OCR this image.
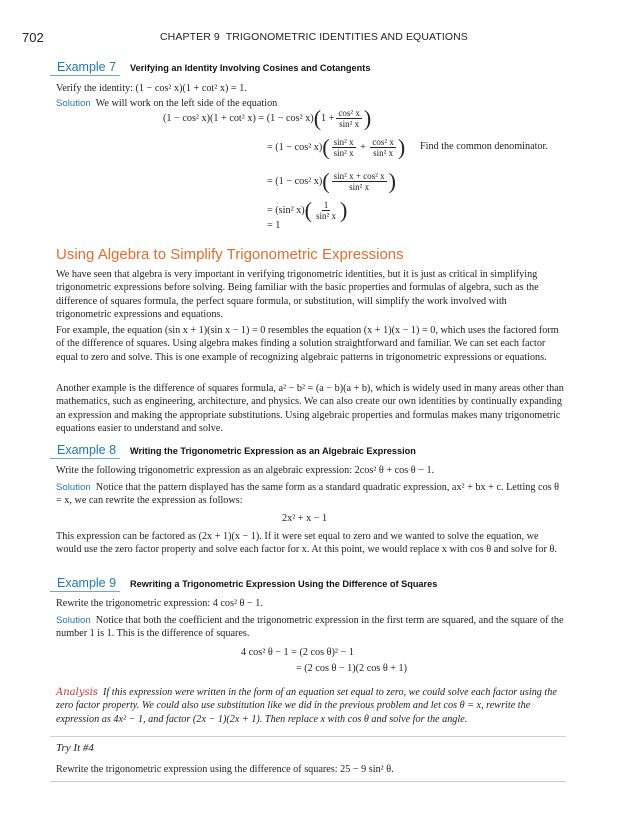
702	CHAPTER 9 TRIGONOMETRIC IDENTITIES AND EQUATIONS
Example 7 Verifying an Identity Involving Cosines and Cotangents
Verify the identity: (1 − cos² x)(1 + cot² x) = 1.
Solution We will work on the left side of the equation
(1 − cos² x)(1 + cot² x) = (1 − cos² $x)(1 + \frac{\text{cos² x}}{\text{sin² x}}$ )
= (1 − cos² $x)( \frac{\text{sin² x}}{\text{sin² x}} + \frac{\text{cos² x}}{\text{sin² x}}$ ) Find the common denominator.
= (1 − cos² $x)( \frac{\text{sin² x + cos² x}}{\text{sin² x}}$ )
= (sin² $x)( \frac{1}{\text{sin² x}}$ )
= 1
Using Algebra to Simplify Trigonometric Expressions
We have seen that algebra is very important in verifying trigonometric identities, but it is just as critical in simplifying trigonometric expressions before solving. Being familiar with the basic properties and formulas of algebra, such as the difference of squares formula, the perfect square formula, or substitution, will simplify the work involved with trigonometric expressions and equations.
For example, the equation (sin x + 1)(sin x − 1) = 0 resembles the equation (x + 1)(x − 1) = 0, which uses the factored form of the difference of squares. Using algebra makes finding a solution straightforward and familiar. We can set each factor equal to zero and solve. This is one example of recognizing algebraic patterns in trigonometric expressions or equations.
Another example is the difference of squares formula, a² − b² = (a − b)(a + b), which is widely used in many areas other than mathematics, such as engineering, architecture, and physics. We can also create our own identities by continually expanding an expression and making the appropriate substitutions. Using algebraic properties and formulas makes many trigonometric equations easier to understand and solve.
Example 8 Writing the Trigonometric Expression as an Algebraic Expression
Write the following trigonometric expression as an algebraic expression: 2cos² θ + cos θ − 1.
Solution Notice that the pattern displayed has the same form as a standard quadratic expression, ax² + bx + c. Letting cos θ = x, we can rewrite the expression as follows:
2x² + x − 1
This expression can be factored as (2x + 1)(x − 1). If it were set equal to zero and we wanted to solve the equation, we would use the zero factor property and solve each factor for x. At this point, we would replace x with cos θ and solve for θ.
Example 9 Rewriting a Trigonometric Expression Using the Difference of Squares
Rewrite the trigonometric expression: 4 cos² θ − 1.
Solution Notice that both the coefficient and the trigonometric expression in the first term are squared, and the square of the number 1 is 1. This is the difference of squares.
4 cos² θ − 1 = (2 cos θ)² − 1
= (2 cos θ − 1)(2 cos θ + 1)
Analysis If this expression were written in the form of an equation set equal to zero, we could solve each factor using the zero factor property. We could also use substitution like we did in the previous problem and let cos θ = x, rewrite the expression as 4x² − 1, and factor (2x − 1)(2x + 1). Then replace x with cos θ and solve for the angle.
Try It #4
Rewrite the trigonometric expression using the difference of squares: 25 − 9 sin² θ.
